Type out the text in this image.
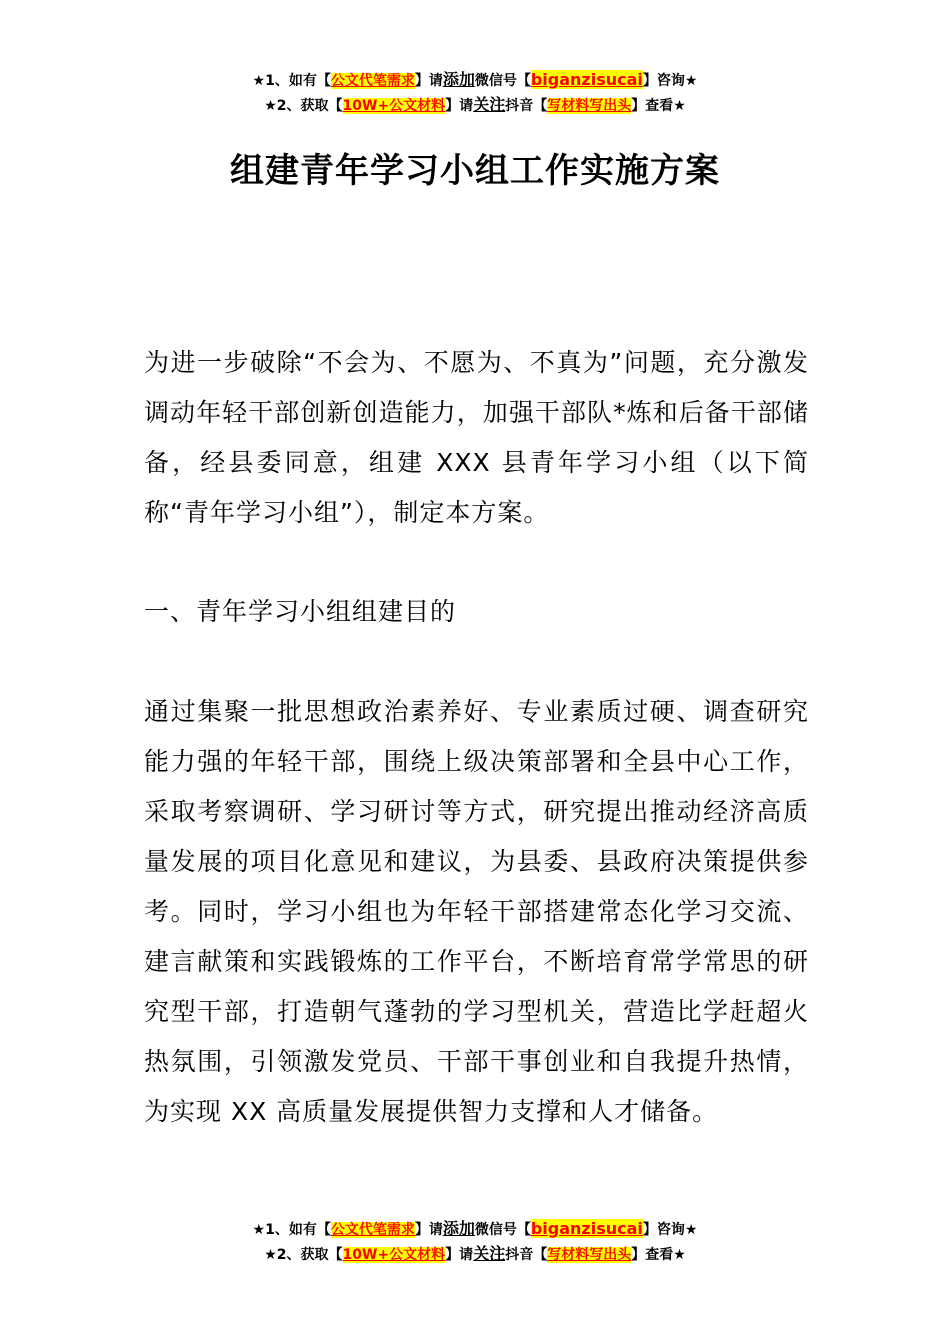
★1、如有【公文代笔需求】请添加微信号【biganzisucai】咨询★
★2、获取【10W+公文材料】请关注抖音【写材料写出头】查看★
组建青年学习小组工作实施方案
为进一步破除“不会为、不愿为、不真为”问题，充分激发调动年轻干部创新创造能力，加强干部队*炼和后备干部储备，经县委同意，组建 XXX 县青年学习小组（以下简称“青年学习小组”），制定本方案。
一、青年学习小组组建目的
通过集聚一批思想政治素养好、专业素质过硬、调查研究能力强的年轻干部，围绕上级决策部署和全县中心工作，采取考察调研、学习研讨等方式，研究提出推动经济高质量发展的项目化意见和建议，为县委、县政府决策提供参考。同时，学习小组也为年轻干部搭建常态化学习交流、建言献策和实践锻炼的工作平台，不断培育常学常思的研究型干部，打造朝气蓬勃的学习型机关，营造比学赶超火热氛围，引领激发党员、干部干事创业和自我提升热情，为实现 XX 高质量发展提供智力支撑和人才储备。
★1、如有【公文代笔需求】请添加微信号【biganzisucai】咨询★
★2、获取【10W+公文材料】请关注抖音【写材料写出头】查看★
